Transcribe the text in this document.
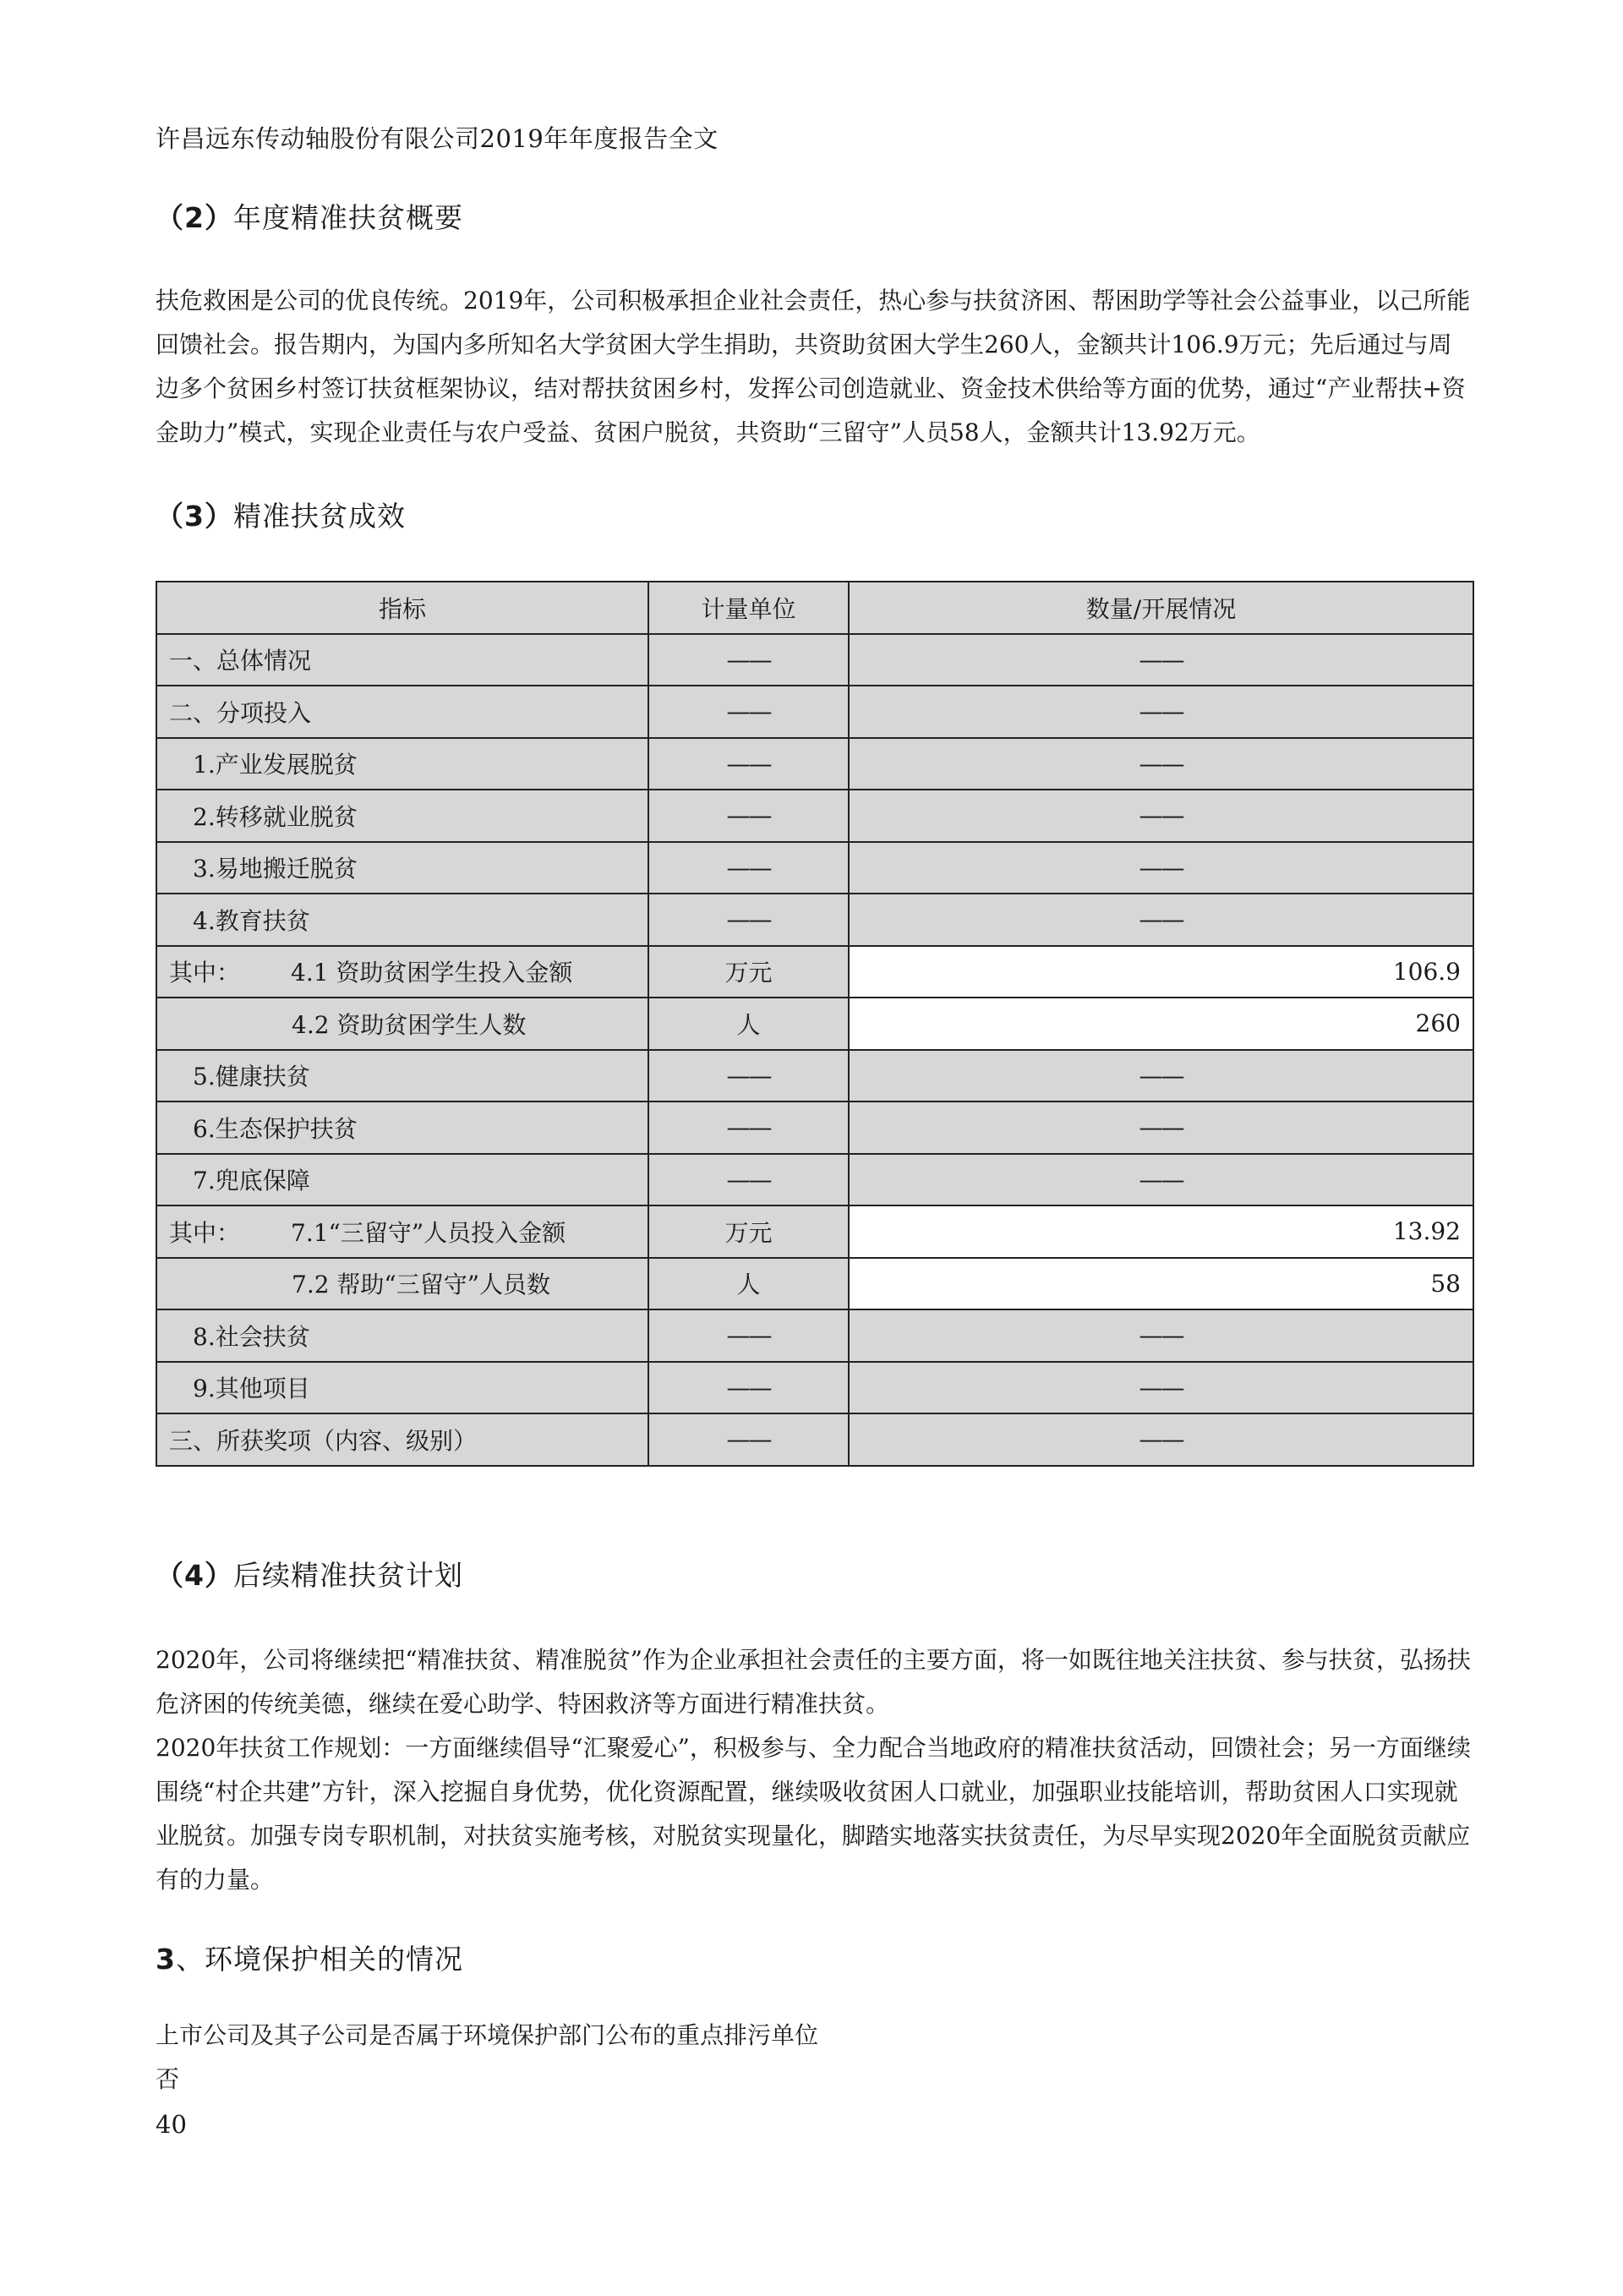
许昌远东传动轴股份有限公司2019年年度报告全文
（2）年度精准扶贫概要

扶危救困是公司的优良传统。2019年，公司积极承担企业社会责任，热心参与扶贫济困、帮困助学等社会公益事业，以己所能回馈社会。报告期内，为国内多所知名大学贫困大学生捐助，共资助贫困大学生260人，金额共计106.9万元；先后通过与周边多个贫困乡村签订扶贫框架协议，结对帮扶贫困乡村，发挥公司创造就业、资金技术供给等方面的优势，通过“产业帮扶+资金助力”模式，实现企业责任与农户受益、贫困户脱贫，共资助“三留守”人员58人，金额共计13.92万元。

（3）精准扶贫成效
指标	计量单位	数量/开展情况
一、总体情况	——	——
二、分项投入	——	——
1.产业发展脱贫	——	——
2.转移就业脱贫	——	——
3.易地搬迁脱贫	——	——
4.教育扶贫	——	——
其中： 4.1 资助贫困学生投入金额	万元	106.9
4.2 资助贫困学生人数	人	260
5.健康扶贫	——	——
6.生态保护扶贫	——	——
7.兜底保障	——	——
其中： 7.1“三留守”人员投入金额	万元	13.92
7.2 帮助“三留守”人员数	人	58
8.社会扶贫	——	——
9.其他项目	——	——
三、所获奖项（内容、级别）	——	——
（4）后续精准扶贫计划

2020年，公司将继续把“精准扶贫、精准脱贫”作为企业承担社会责任的主要方面，将一如既往地关注扶贫、参与扶贫，弘扬扶危济困的传统美德，继续在爱心助学、特困救济等方面进行精准扶贫。

2020年扶贫工作规划：一方面继续倡导“汇聚爱心”，积极参与、全力配合当地政府的精准扶贫活动，回馈社会；另一方面继续围绕“村企共建”方针，深入挖掘自身优势，优化资源配置，继续吸收贫困人口就业，加强职业技能培训，帮助贫困人口实现就业脱贫。加强专岗专职机制，对扶贫实施考核，对脱贫实现量化，脚踏实地落实扶贫责任，为尽早实现2020年全面脱贫贡献应有的力量。

3、环境保护相关的情况

上市公司及其子公司是否属于环境保护部门公布的重点排污单位

否

40
